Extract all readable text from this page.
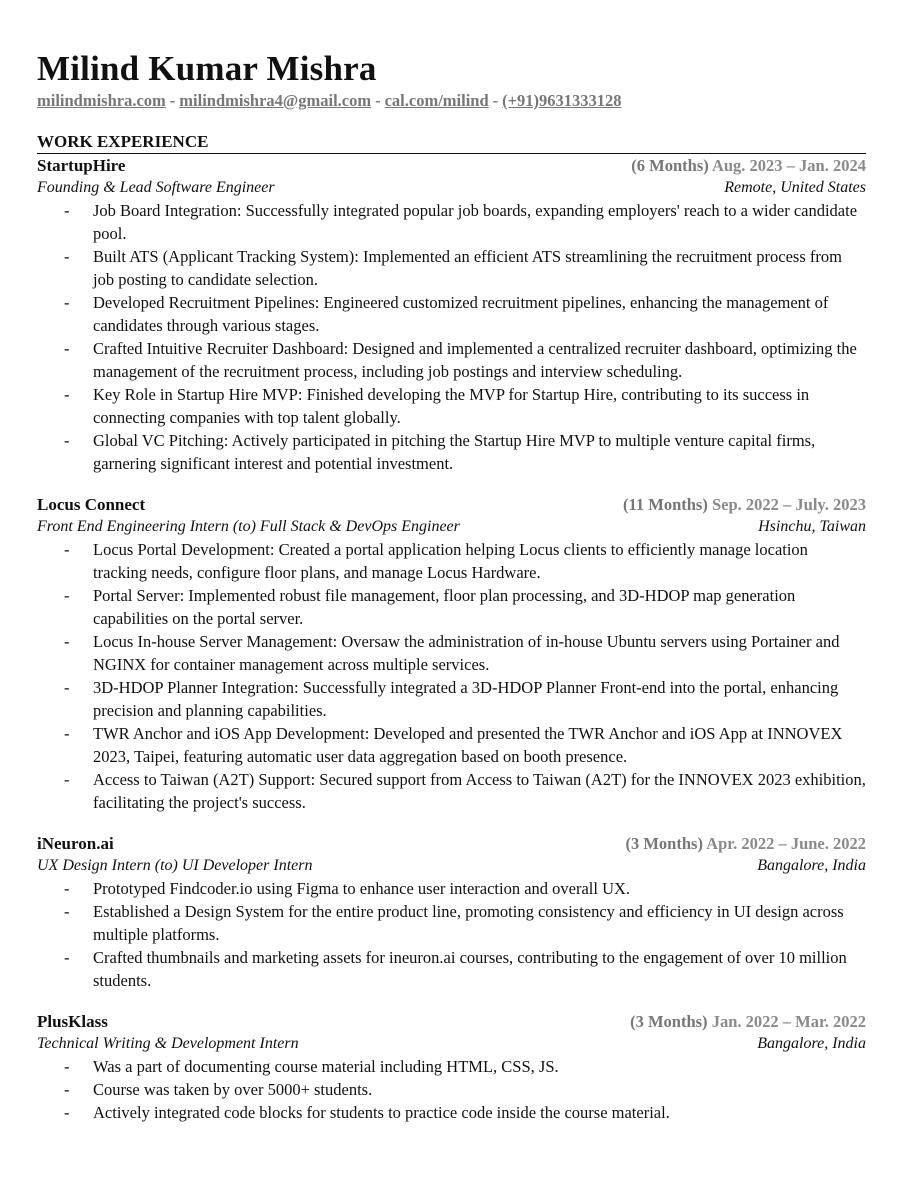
Milind Kumar Mishra
milindmishra.com - milindmishra4@gmail.com - cal.com/milind - (+91)9631333128
WORK EXPERIENCE
StartupHire	(6 Months) Aug. 2023 – Jan. 2024
Founding & Lead Software Engineer	Remote, United States
- Job Board Integration: Successfully integrated popular job boards, expanding employers' reach to a wider candidate pool.
- Built ATS (Applicant Tracking System): Implemented an efficient ATS streamlining the recruitment process from job posting to candidate selection.
- Developed Recruitment Pipelines: Engineered customized recruitment pipelines, enhancing the management of candidates through various stages.
- Crafted Intuitive Recruiter Dashboard: Designed and implemented a centralized recruiter dashboard, optimizing the management of the recruitment process, including job postings and interview scheduling.
- Key Role in Startup Hire MVP: Finished developing the MVP for Startup Hire, contributing to its success in connecting companies with top talent globally.
- Global VC Pitching: Actively participated in pitching the Startup Hire MVP to multiple venture capital firms, garnering significant interest and potential investment.
Locus Connect	(11 Months) Sep. 2022 – July. 2023
Front End Engineering Intern (to) Full Stack & DevOps Engineer	Hsinchu, Taiwan
- Locus Portal Development: Created a portal application helping Locus clients to efficiently manage location tracking needs, configure floor plans, and manage Locus Hardware.
- Portal Server: Implemented robust file management, floor plan processing, and 3D-HDOP map generation capabilities on the portal server.
- Locus In-house Server Management: Oversaw the administration of in-house Ubuntu servers using Portainer and NGINX for container management across multiple services.
- 3D-HDOP Planner Integration: Successfully integrated a 3D-HDOP Planner Front-end into the portal, enhancing precision and planning capabilities.
- TWR Anchor and iOS App Development: Developed and presented the TWR Anchor and iOS App at INNOVEX 2023, Taipei, featuring automatic user data aggregation based on booth presence.
- Access to Taiwan (A2T) Support: Secured support from Access to Taiwan (A2T) for the INNOVEX 2023 exhibition, facilitating the project's success.
iNeuron.ai	(3 Months) Apr. 2022 – June. 2022
UX Design Intern (to) UI Developer Intern	Bangalore, India
- Prototyped Findcoder.io using Figma to enhance user interaction and overall UX.
- Established a Design System for the entire product line, promoting consistency and efficiency in UI design across multiple platforms.
- Crafted thumbnails and marketing assets for ineuron.ai courses, contributing to the engagement of over 10 million students.
PlusKlass	(3 Months) Jan. 2022 – Mar. 2022
Technical Writing & Development Intern	Bangalore, India
- Was a part of documenting course material including HTML, CSS, JS.
- Course was taken by over 5000+ students.
- Actively integrated code blocks for students to practice code inside the course material.
